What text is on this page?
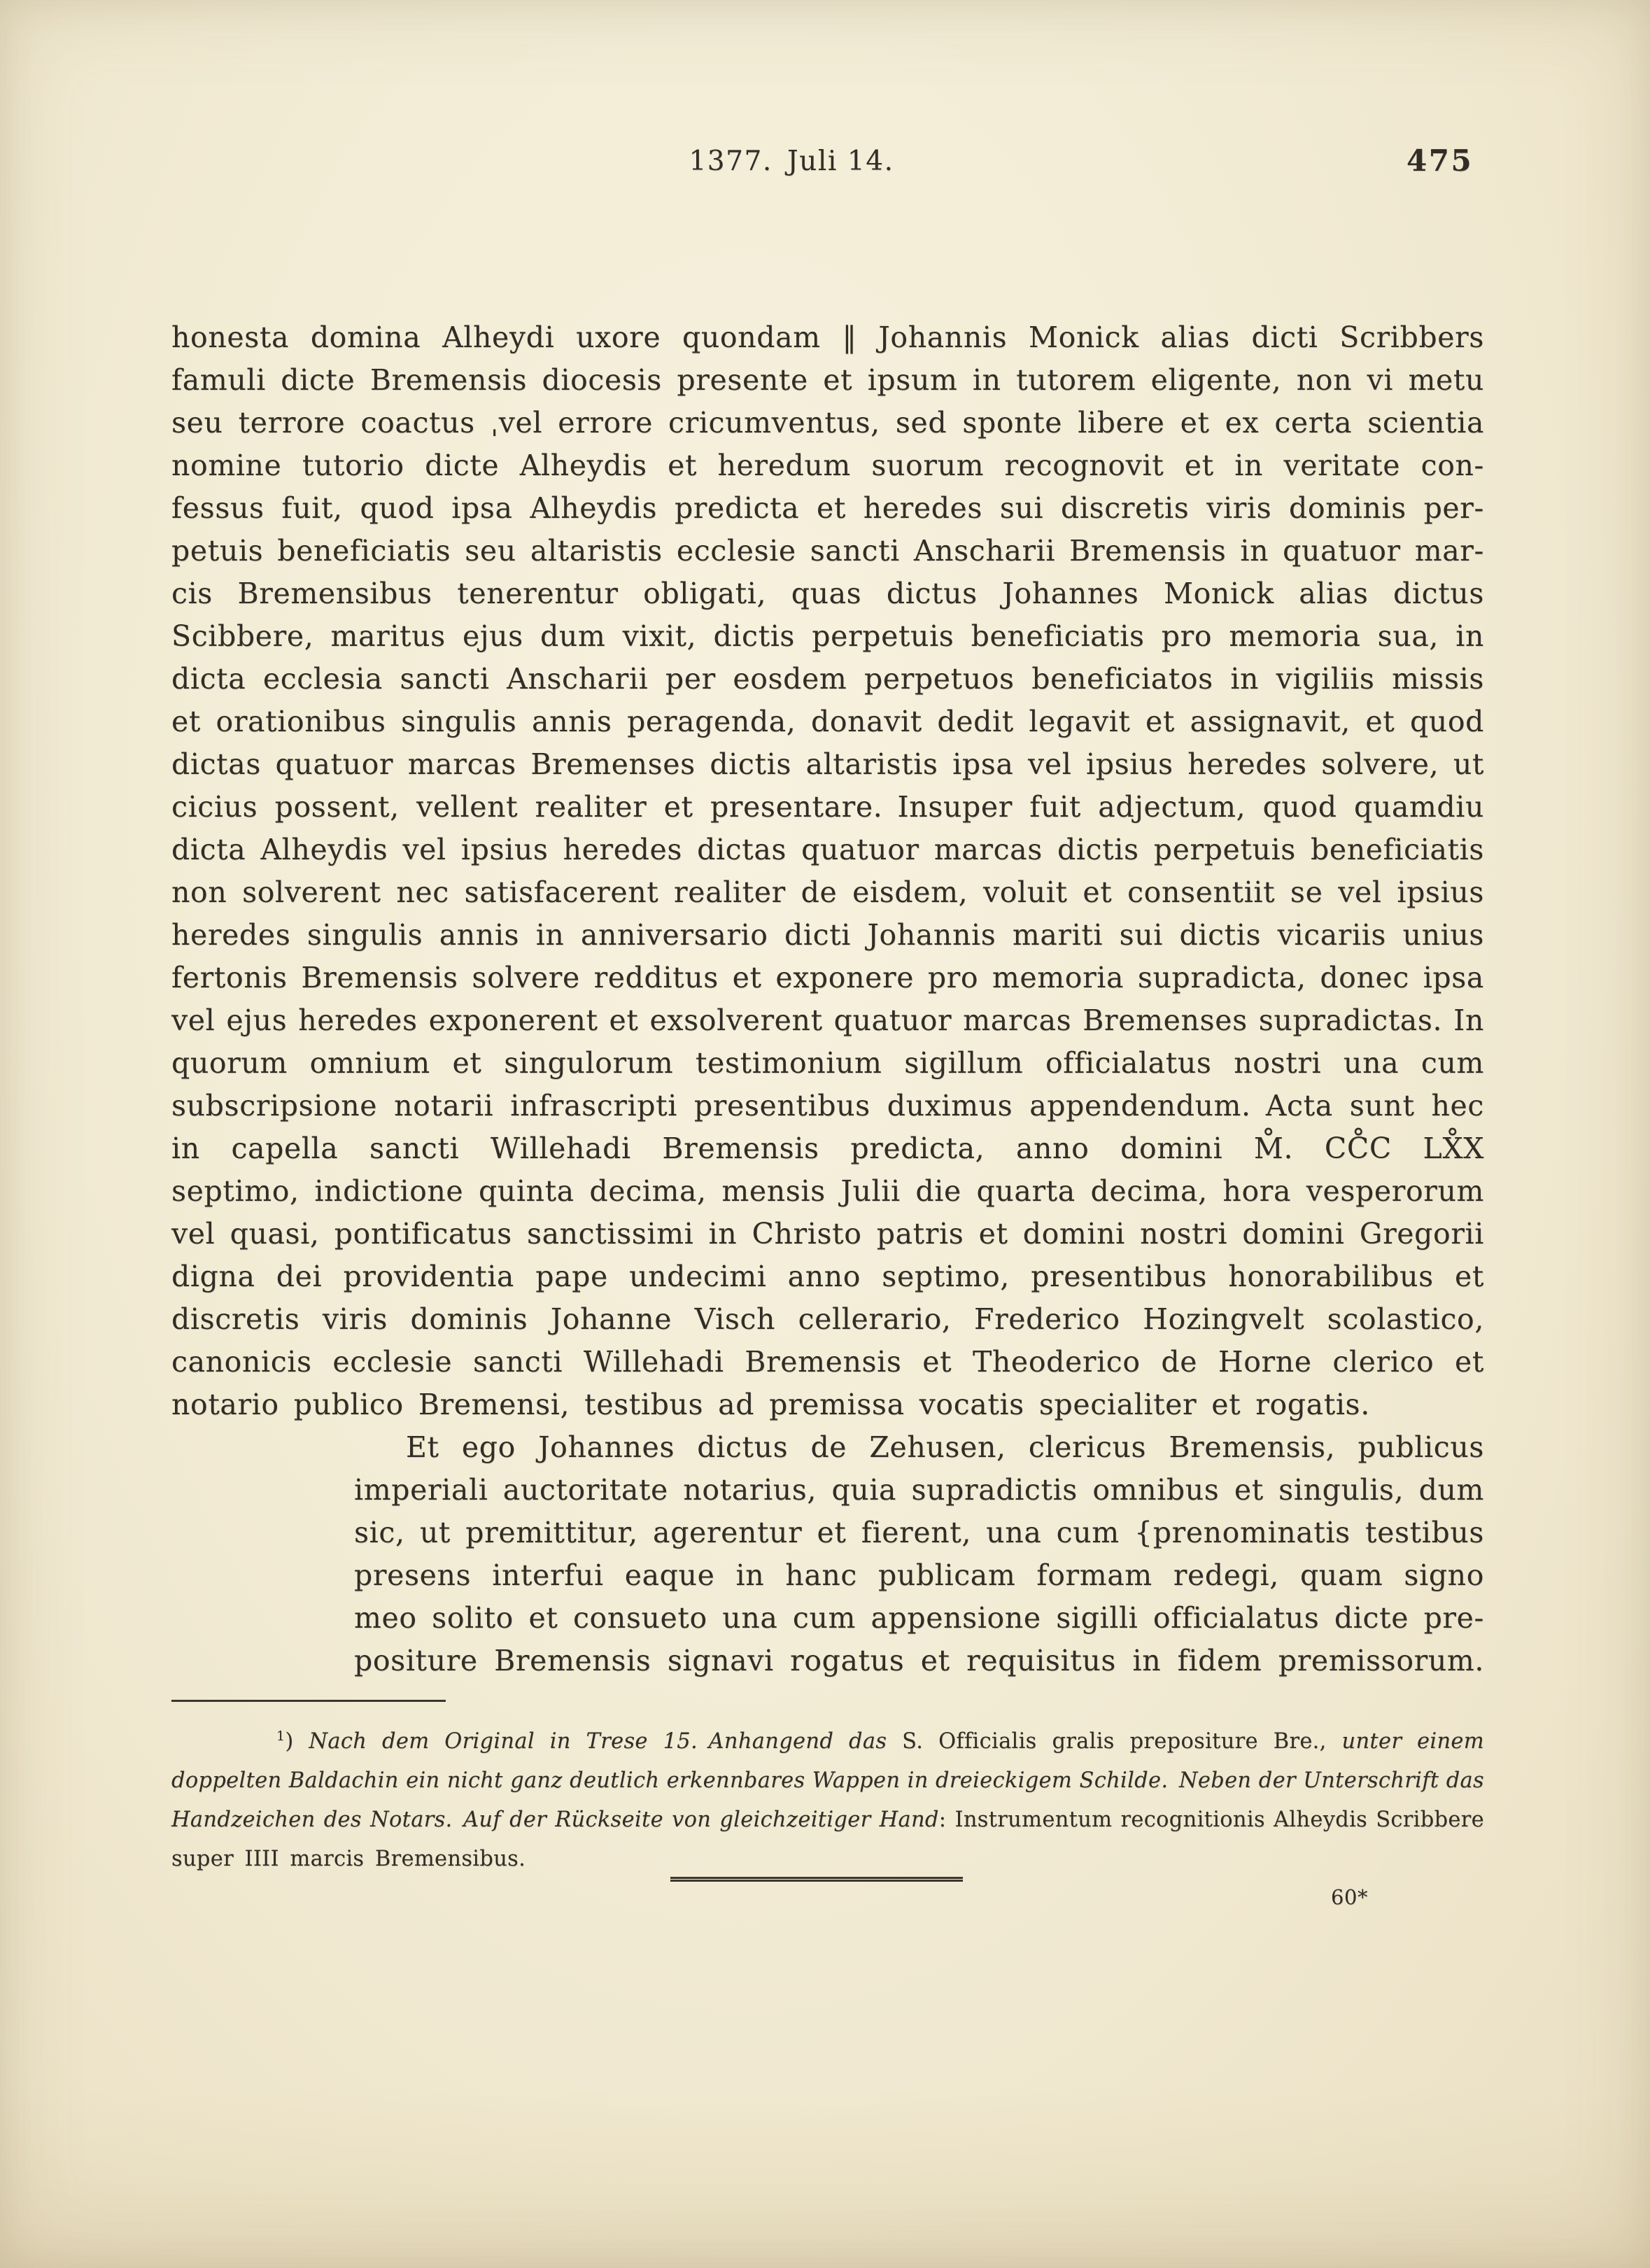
1377. Juli 14.	475
honesta domina Alheydi uxore quondam ‖ Johannis Monick alias dicti Scribbers
famuli dicte Bremensis diocesis presente et ipsum in tutorem eligente, non vi metu
seu terrore coactus ˌvel errore cricumventus, sed sponte libere et ex certa scientia
nomine tutorio dicte Alheydis et heredum suorum recognovit et in veritate con-
fessus fuit, quod ipsa Alheydis predicta et heredes sui discretis viris dominis per-
petuis beneficiatis seu altaristis ecclesie sancti Anscharii Bremensis in quatuor mar-
cis Bremensibus tenerentur obligati, quas dictus Johannes Monick alias dictus
Scibbere, maritus ejus dum vixit, dictis perpetuis beneficiatis pro memoria sua, in
dicta ecclesia sancti Anscharii per eosdem perpetuos beneficiatos in vigiliis missis
et orationibus singulis annis peragenda, donavit dedit legavit et assignavit, et quod
dictas quatuor marcas Bremenses dictis altaristis ipsa vel ipsius heredes solvere, ut
cicius possent, vellent realiter et presentare. Insuper fuit adjectum, quod quamdiu
dicta Alheydis vel ipsius heredes dictas quatuor marcas dictis perpetuis beneficiatis
non solverent nec satisfacerent realiter de eisdem, voluit et consentiit se vel ipsius
heredes singulis annis in anniversario dicti Johannis mariti sui dictis vicariis unius
fertonis Bremensis solvere redditus et exponere pro memoria supradicta, donec ipsa
vel ejus heredes exponerent et exsolverent quatuor marcas Bremenses supradictas. In
quorum omnium et singulorum testimonium sigillum officialatus nostri una cum
subscripsione notarii infrascripti presentibus duximus appendendum. Acta sunt hec
in capella sancti Willehadi Bremensis predicta, anno domini M̊. CC̊C LX̊X
septimo, indictione quinta decima, mensis Julii die quarta decima, hora vesperorum
vel quasi, pontificatus sanctissimi in Christo patris et domini nostri domini Gregorii
digna dei providentia pape undecimi anno septimo, presentibus honorabilibus et
discretis viris dominis Johanne Visch cellerario, Frederico Hozingvelt scolastico,
canonicis ecclesie sancti Willehadi Bremensis et Theoderico de Horne clerico et
notario publico Bremensi, testibus ad premissa vocatis specialiter et rogatis.
Et ego Johannes dictus de Zehusen, clericus Bremensis, publicus
imperiali auctoritate notarius, quia supradictis omnibus et singulis, dum
sic, ut premittitur, agerentur et fierent, una cum {prenominatis testibus
presens interfui eaque in hanc publicam formam redegi, quam signo
meo solito et consueto una cum appensione sigilli officialatus dicte pre-
positure Bremensis signavi rogatus et requisitus in fidem premissorum.
$^1$) Nach dem Original in Trese 15. Anhangend das S. Officialis gralis prepositure Bre., unter einem
doppelten Baldachin ein nicht ganz deutlich erkennbares Wappen in dreieckigem Schilde. Neben der Unterschrift das
Handzeichen des Notars. Auf der Rückseite von gleichzeitiger Hand: Instrumentum recognitionis Alheydis Scribbere
super IIII marcis Bremensibus.
60*
